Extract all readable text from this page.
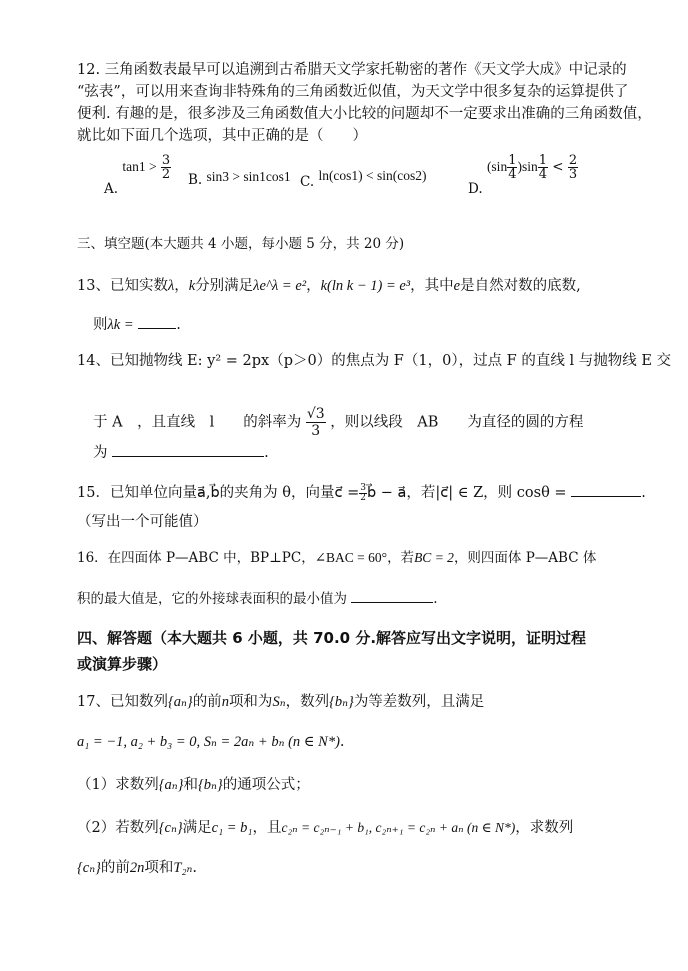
12. 三角函数表最早可以追溯到古希腊天文学家托勒密的著作《天文学大成》中记录的
“弦表”，可以用来查询非特殊角的三角函数近似值，为天文学中很多复杂的运算提供了
便利. 有趣的是，很多涉及三角函数值大小比较的问题却不一定要求出准确的三角函数值，
就比如下面几个选项，其中正确的是（　　）
A. $\tan 1 > \frac{3}{2} B$. sin3 > sin1cos1 C. ln(cos1) < sin(cos2)
D. $(\sin \frac{1}{4} )\sin \frac{1}{4} < \frac{2}{3}$
三、填空题(本大题共 4 小题，每小题 5 分，共 20 分)
13、已知实数λ，k分别满足λe^λ = e²，k(ln k − 1) = e³，其中e是自然对数的底数,
则λk =	.
14、已知抛物线 E: y² = 2px（p＞0）的焦点为 F（1，0），过点 F 的直线 l 与抛物线 E 交
于 A　，且直线　l　　的斜率为 $\frac{√3}{3}$ ，则以线段　AB　　为直径的圆的方程
为	.
15．已知单位向量a⃗,b⃗的夹角为 θ，向量c⃗ = $\frac{3}{2}$ b⃗ − a⃗，若|c⃗| ∈ Z，则 cosθ =	.
（写出一个可能值）
16．在四面体 P—ABC 中，BP⊥PC，∠BAC = 60°，若BC = 2，则四面体 P—ABC 体
积的最大值是，它的外接球表面积的最小值为	.
四、解答题（本大题共 6 小题，共 70.0 分.解答应写出文字说明，证明过程
或演算步骤）
17、已知数列{aₙ}的前n项和为Sₙ，数列{bₙ}为等差数列，且满足
a₁ = −1, a₂ + b₃ = 0, Sₙ = 2aₙ + bₙ (n ∈ N*).
（1）求数列{aₙ}和{bₙ}的通项公式；
（2）若数列{cₙ}满足c₁ = b₁，且c₂ₙ = c₂ₙ₋₁ + b₁, c₂ₙ₊₁ = c₂ₙ + aₙ (n ∈ N*)，求数列
{cₙ}的前2n项和T₂ₙ.
